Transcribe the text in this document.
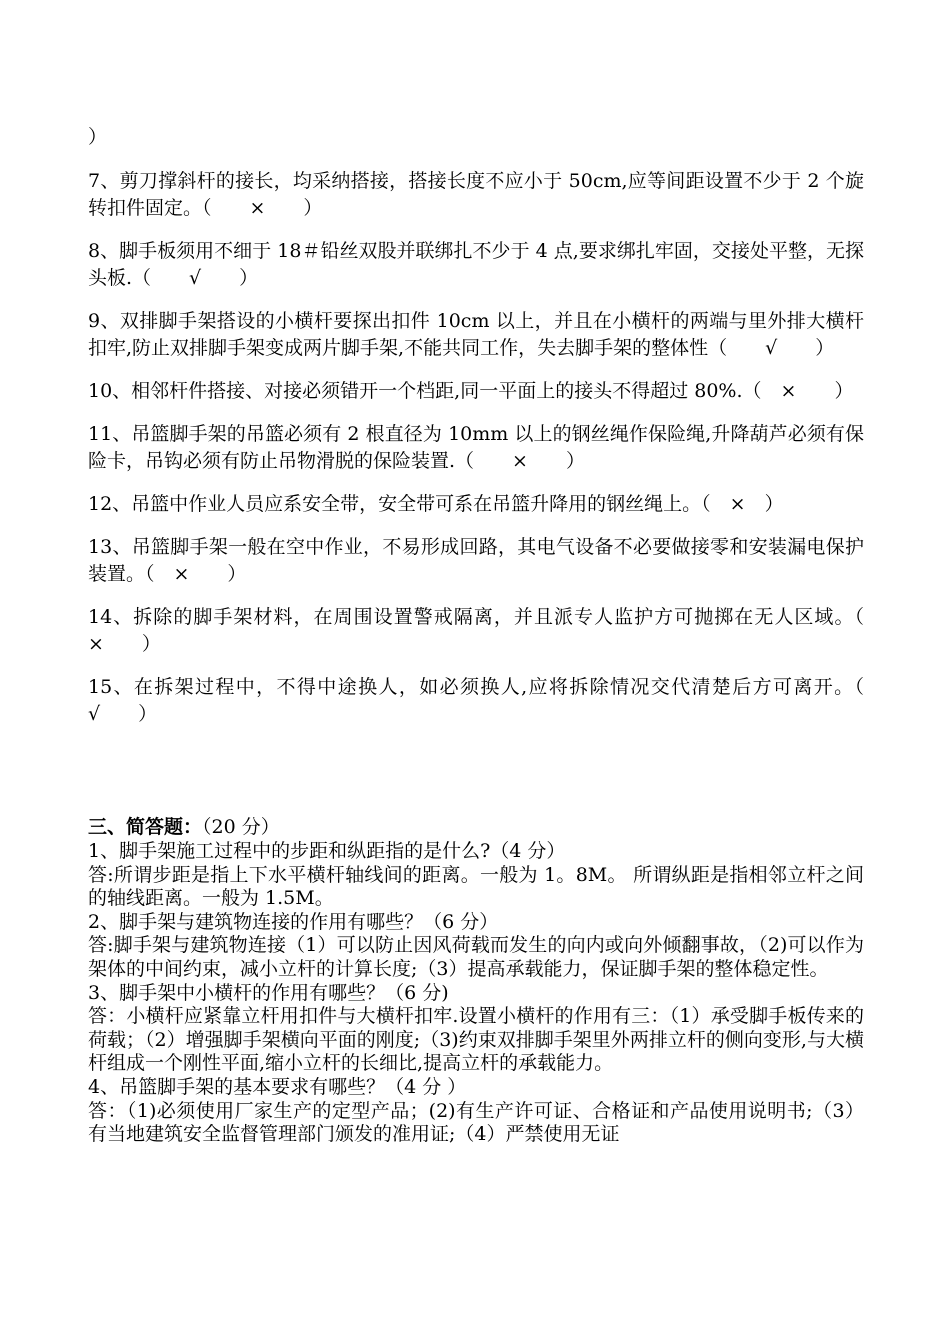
）

7、剪刀撑斜杆的接长，均采纳搭接，搭接长度不应小于 50cm,应等间距设置不少于 2 个旋转扣件固定。（　　×　　）

8、脚手板须用不细于 18＃铅丝双股并联绑扎不少于 4 点,要求绑扎牢固，交接处平整，无探头板.（　　√　　）

9、双排脚手架搭设的小横杆要探出扣件 10cm 以上，并且在小横杆的两端与里外排大横杆扣牢,防止双排脚手架变成两片脚手架,不能共同工作，失去脚手架的整体性（　　√　　）

10、相邻杆件搭接、对接必须错开一个档距,同一平面上的接头不得超过 80%.（　×　　）

11、吊篮脚手架的吊篮必须有 2 根直径为 10mm 以上的钢丝绳作保险绳,升降葫芦必须有保险卡，吊钩必须有防止吊物滑脱的保险装置.（　　×　　）

12、吊篮中作业人员应系安全带，安全带可系在吊篮升降用的钢丝绳上。（　×　）

13、吊篮脚手架一般在空中作业，不易形成回路，其电气设备不必要做接零和安装漏电保护装置。（　×　　）

14、拆除的脚手架材料，在周围设置警戒隔离，并且派专人监护方可抛掷在无人区域。（　　×　　）

15、在拆架过程中，不得中途换人，如必须换人,应将拆除情况交代清楚后方可离开。（　　√　　）

三、简答题：（20 分）

1、脚手架施工过程中的步距和纵距指的是什么?（4 分）

答:所谓步距是指上下水平横杆轴线间的距离。一般为 1。8M。 所谓纵距是指相邻立杆之间的轴线距离。一般为 1.5M。

2、脚手架与建筑物连接的作用有哪些？（6 分）

答:脚手架与建筑物连接（1）可以防止因风荷载而发生的向内或向外倾翻事故，（2)可以作为架体的中间约束，减小立杆的计算长度;（3）提高承载能力，保证脚手架的整体稳定性。

3、脚手架中小横杆的作用有哪些？（6 分)

答：小横杆应紧靠立杆用扣件与大横杆扣牢.设置小横杆的作用有三：（1）承受脚手板传来的荷载；（2）增强脚手架横向平面的刚度;（3)约束双排脚手架里外两排立杆的侧向变形,与大横杆组成一个刚性平面,缩小立杆的长细比,提高立杆的承载能力。

4、吊篮脚手架的基本要求有哪些？（4 分 ）

答：（1)必须使用厂家生产的定型产品；(2)有生产许可证、合格证和产品使用说明书;（3）有当地建筑安全监督管理部门颁发的准用证;（4）严禁使用无证
